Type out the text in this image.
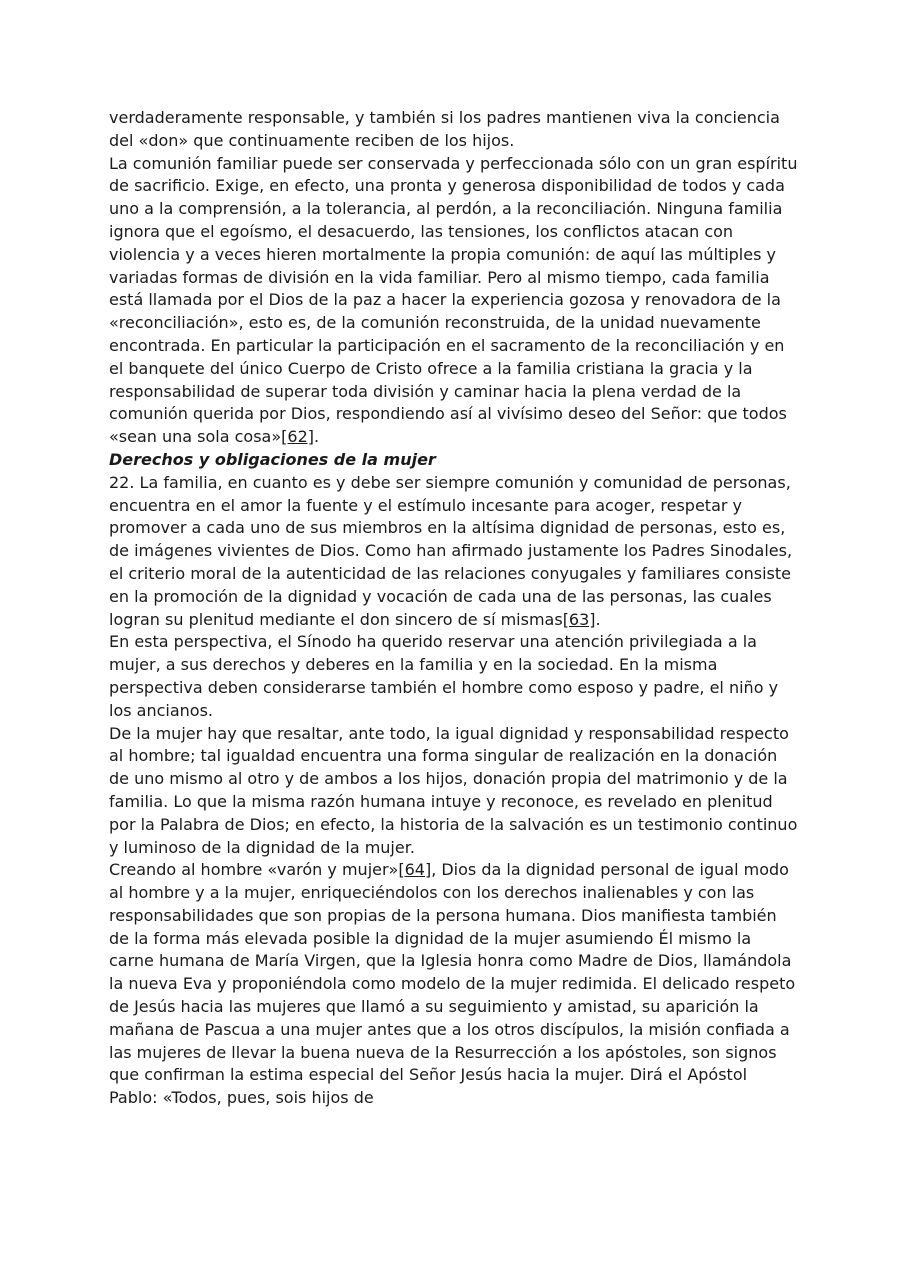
verdaderamente responsable, y también si los padres mantienen viva la conciencia del «don» que continuamente reciben de los hijos.

La comunión familiar puede ser conservada y perfeccionada sólo con un gran espíritu de sacrificio. Exige, en efecto, una pronta y generosa disponibilidad de todos y cada uno a la comprensión, a la tolerancia, al perdón, a la reconciliación. Ninguna familia ignora que el egoísmo, el desacuerdo, las tensiones, los conflictos atacan con violencia y a veces hieren mortalmente la propia comunión: de aquí las múltiples y variadas formas de división en la vida familiar. Pero al mismo tiempo, cada familia está llamada por el Dios de la paz a hacer la experiencia gozosa y renovadora de la «reconciliación», esto es, de la comunión reconstruida, de la unidad nuevamente encontrada. En particular la participación en el sacramento de la reconciliación y en el banquete del único Cuerpo de Cristo ofrece a la familia cristiana la gracia y la responsabilidad de superar toda división y caminar hacia la plena verdad de la comunión querida por Dios, respondiendo así al vivísimo deseo del Señor: que todos «sean una sola cosa»[62].

Derechos y obligaciones de la mujer

22. La familia, en cuanto es y debe ser siempre comunión y comunidad de personas, encuentra en el amor la fuente y el estímulo incesante para acoger, respetar y promover a cada uno de sus miembros en la altísima dignidad de personas, esto es, de imágenes vivientes de Dios. Como han afirmado justamente los Padres Sinodales, el criterio moral de la autenticidad de las relaciones conyugales y familiares consiste en la promoción de la dignidad y vocación de cada una de las personas, las cuales logran su plenitud mediante el don sincero de sí mismas[63].

En esta perspectiva, el Sínodo ha querido reservar una atención privilegiada a la mujer, a sus derechos y deberes en la familia y en la sociedad. En la misma perspectiva deben considerarse también el hombre como esposo y padre, el niño y los ancianos.

De la mujer hay que resaltar, ante todo, la igual dignidad y responsabilidad respecto al hombre; tal igualdad encuentra una forma singular de realización en la donación de uno mismo al otro y de ambos a los hijos, donación propia del matrimonio y de la familia. Lo que la misma razón humana intuye y reconoce, es revelado en plenitud por la Palabra de Dios; en efecto, la historia de la salvación es un testimonio continuo y luminoso de la dignidad de la mujer.

Creando al hombre «varón y mujer»[64], Dios da la dignidad personal de igual modo al hombre y a la mujer, enriqueciéndolos con los derechos inalienables y con las responsabilidades que son propias de la persona humana. Dios manifiesta también de la forma más elevada posible la dignidad de la mujer asumiendo Él mismo la carne humana de María Virgen, que la Iglesia honra como Madre de Dios, llamándola la nueva Eva y proponiéndola como modelo de la mujer redimida. El delicado respeto de Jesús hacia las mujeres que llamó a su seguimiento y amistad, su aparición la mañana de Pascua a una mujer antes que a los otros discípulos, la misión confiada a las mujeres de llevar la buena nueva de la Resurrección a los apóstoles, son signos que confirman la estima especial del Señor Jesús hacia la mujer. Dirá el Apóstol Pablo: «Todos, pues, sois hijos de
